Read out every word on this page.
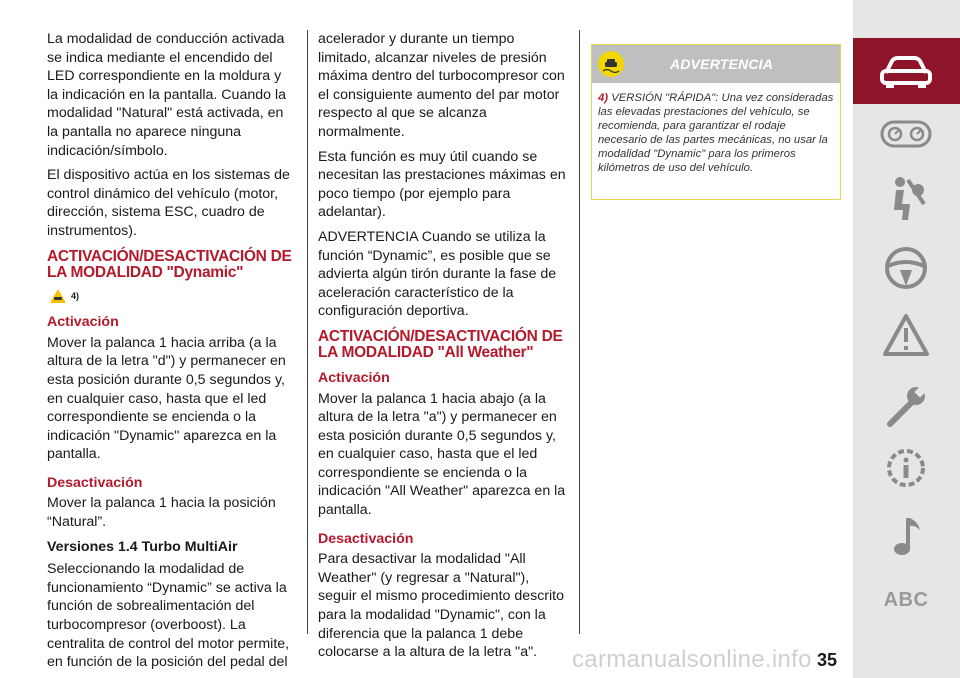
La modalidad de conducción activada se indica mediante el encendido del LED correspondiente en la moldura y la indicación en la pantalla. Cuando la modalidad "Natural" está activada, en la pantalla no aparece ninguna indicación/símbolo.

El dispositivo actúa en los sistemas de control dinámico del vehículo (motor, dirección, sistema ESC, cuadro de instrumentos).

ACTIVACIÓN/DESACTIVACIÓN DE LA MODALIDAD "Dynamic"
4)
Activación

Mover la palanca 1 hacia arriba (a la altura de la letra "d") y permanecer en esta posición durante 0,5 segundos y, en cualquier caso, hasta que el led correspondiente se encienda o la indicación "Dynamic" aparezca en la pantalla.

Desactivación

Mover la palanca 1 hacia la posición “Natural”.

Versiones 1.4 Turbo MultiAir

Seleccionando la modalidad de funcionamiento “Dynamic” se activa la función de sobrealimentación del turbocompresor (overboost). La centralita de control del motor permite, en función de la posición del pedal del

acelerador y durante un tiempo limitado, alcanzar niveles de presión máxima dentro del turbocompresor con el consiguiente aumento del par motor respecto al que se alcanza normalmente.

Esta función es muy útil cuando se necesitan las prestaciones máximas en poco tiempo (por ejemplo para adelantar).

ADVERTENCIA Cuando se utiliza la función “Dynamic”, es posible que se advierta algún tirón durante la fase de aceleración característico de la configuración deportiva.

ACTIVACIÓN/DESACTIVACIÓN DE LA MODALIDAD "All Weather"
Activación

Mover la palanca 1 hacia abajo (a la altura de la letra "a") y permanecer en esta posición durante 0,5 segundos y, en cualquier caso, hasta que el led correspondiente se encienda o la indicación "All Weather" aparezca en la pantalla.

Desactivación

Para desactivar la modalidad "All Weather" (y regresar a "Natural"), seguir el mismo procedimiento descrito para la modalidad "Dynamic", con la diferencia que la palanca 1 debe colocarse a la altura de la letra "a".

ADVERTENCIA
4) VERSIÓN "RÁPIDA": Una vez consideradas las elevadas prestaciones del vehículo, se recomienda, para garantizar el rodaje necesario de las partes mecánicas, no usar la modalidad "Dynamic" para los primeros kilómetros de uso del vehículo.
ABC
carmanualsonline.info 35
